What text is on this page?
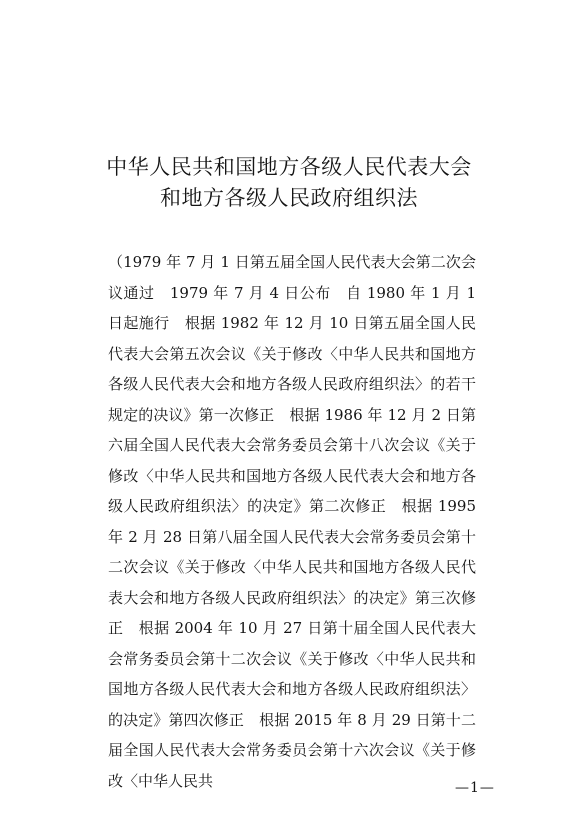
中华人民共和国地方各级人民代表大会
和地方各级人民政府组织法

（1979 年 7 月 1 日第五届全国人民代表大会第二次会议通过　1979 年 7 月 4 日公布　自 1980 年 1 月 1 日起施行　根据 1982 年 12 月 10 日第五届全国人民代表大会第五次会议《关于修改〈中华人民共和国地方各级人民代表大会和地方各级人民政府组织法〉的若干规定的决议》第一次修正　根据 1986 年 12 月 2 日第六届全国人民代表大会常务委员会第十八次会议《关于修改〈中华人民共和国地方各级人民代表大会和地方各级人民政府组织法〉的决定》第二次修正　根据 1995 年 2 月 28 日第八届全国人民代表大会常务委员会第十二次会议《关于修改〈中华人民共和国地方各级人民代表大会和地方各级人民政府组织法〉的决定》第三次修正　根据 2004 年 10 月 27 日第十届全国人民代表大会常务委员会第十二次会议《关于修改〈中华人民共和国地方各级人民代表大会和地方各级人民政府组织法〉的决定》第四次修正　根据 2015 年 8 月 29 日第十二届全国人民代表大会常务委员会第十六次会议《关于修改〈中华人民共	—1—
